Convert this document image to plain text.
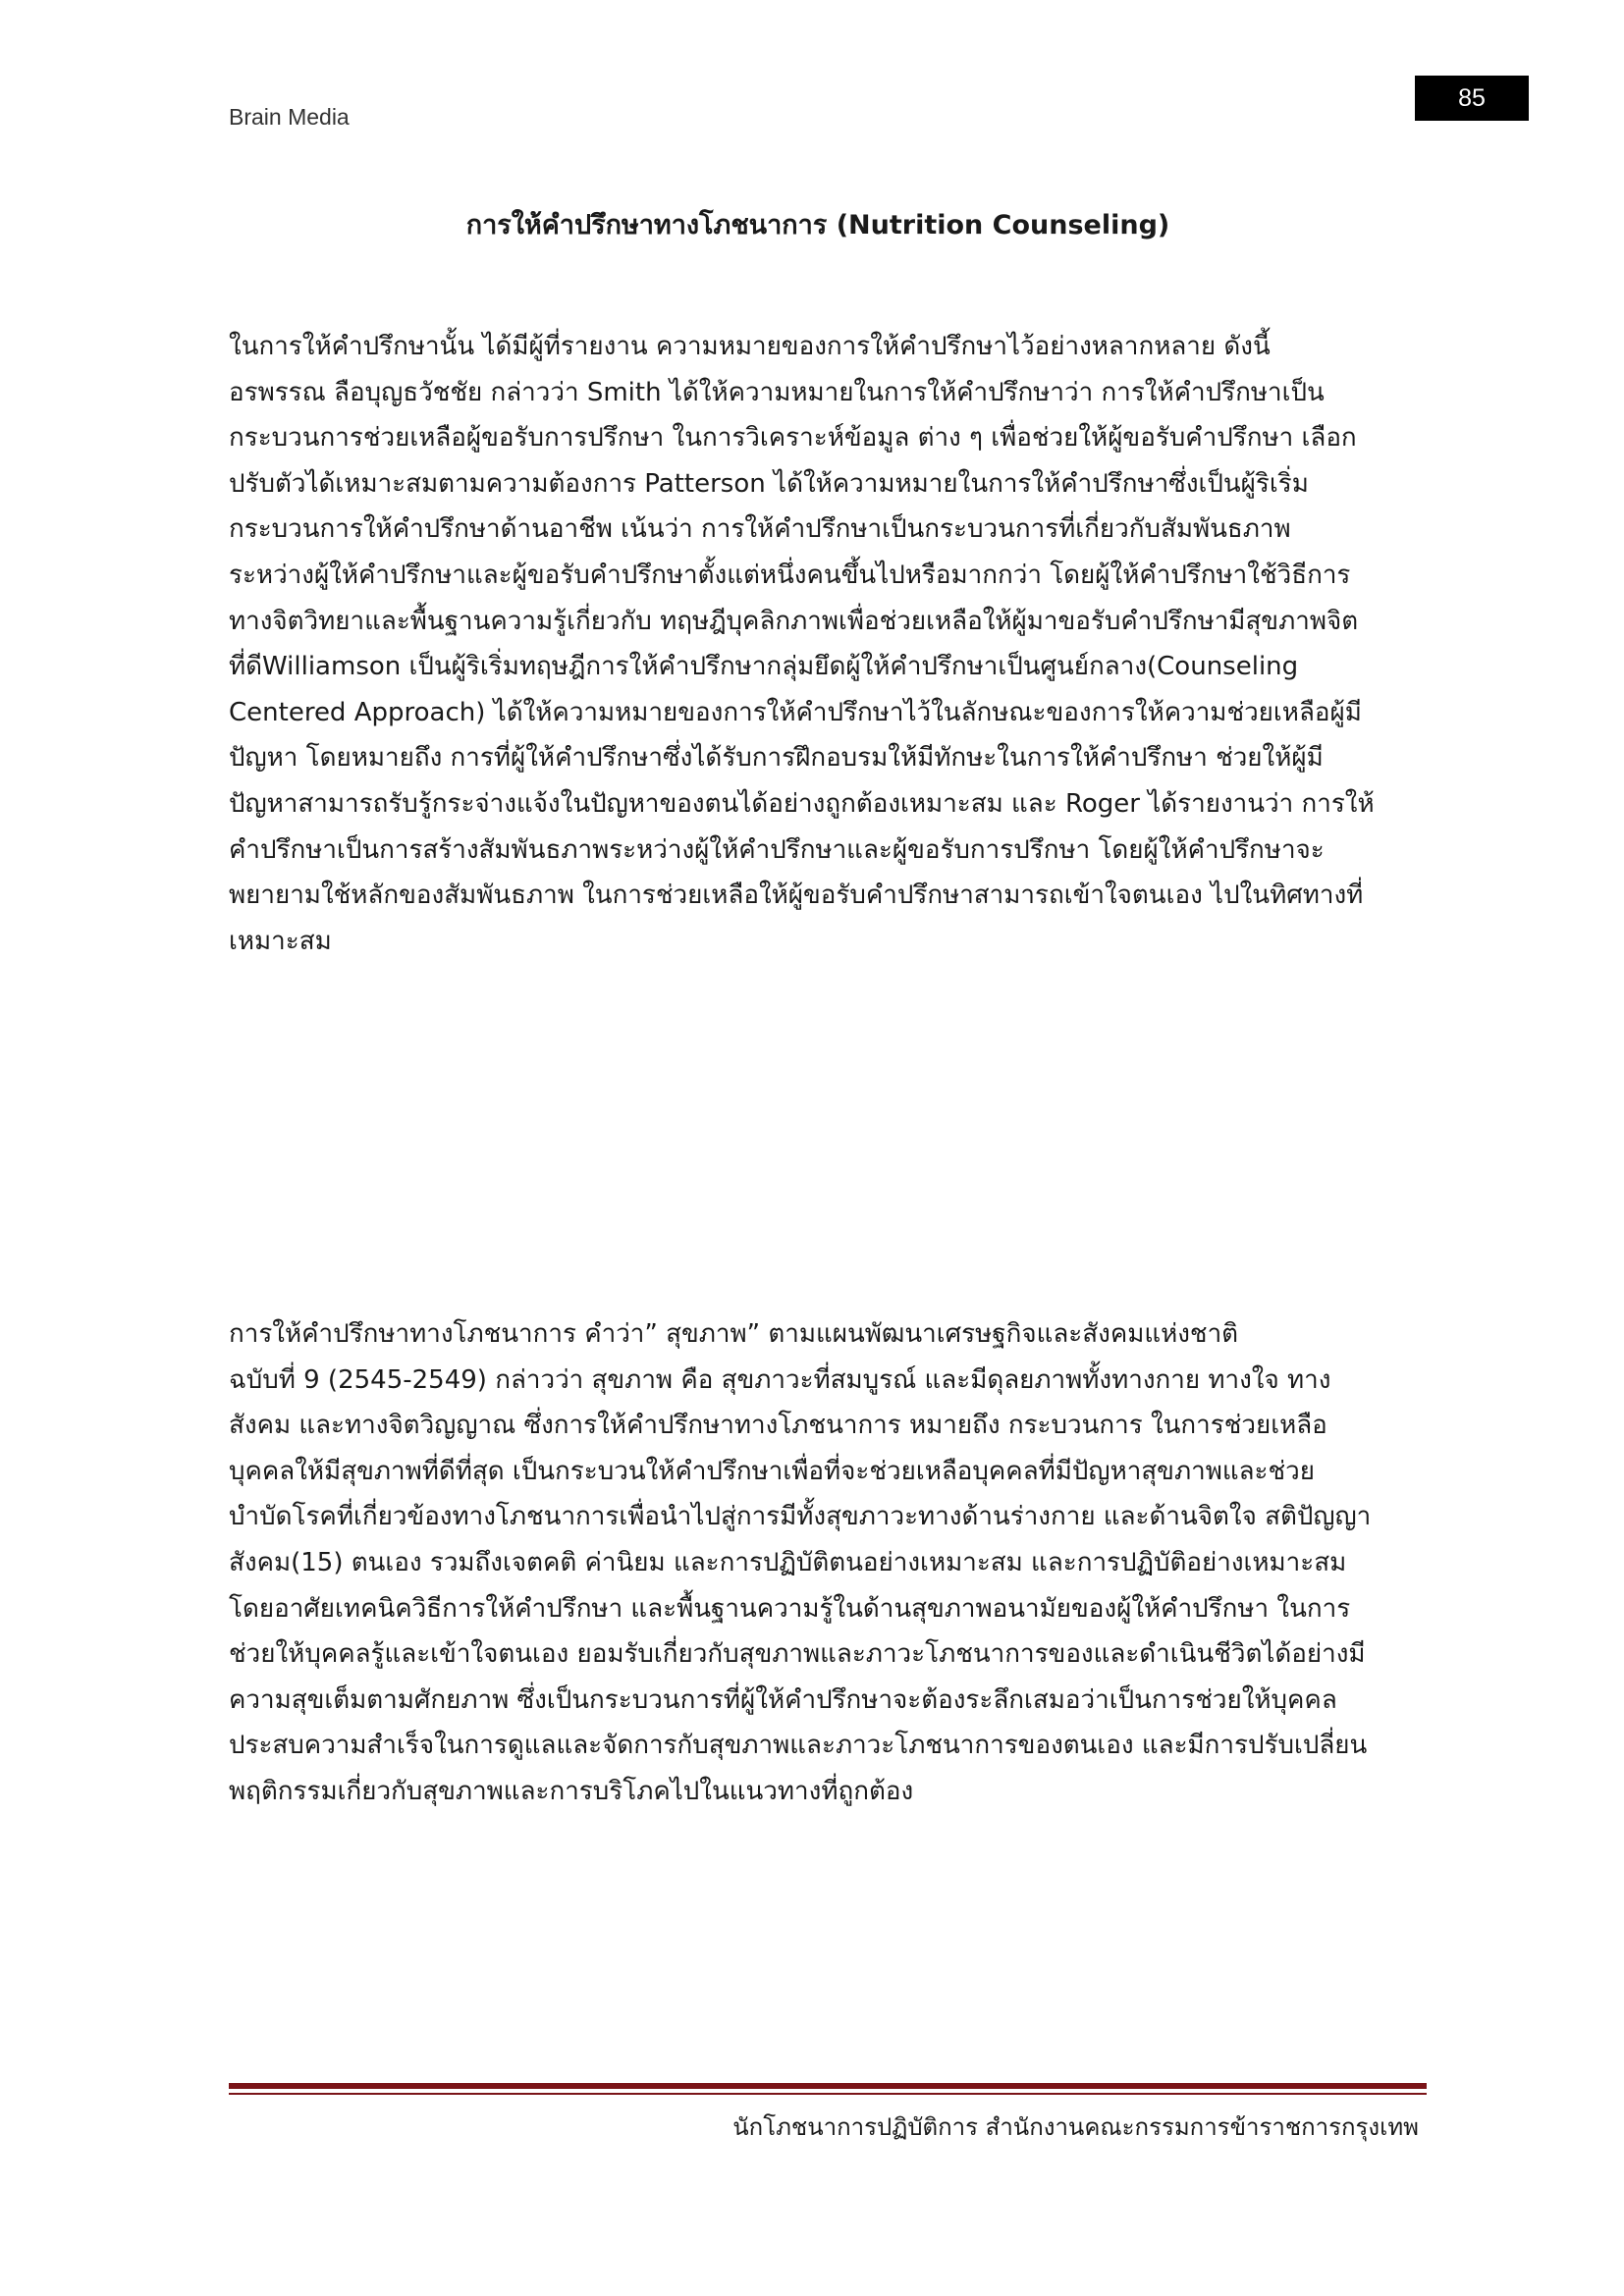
Brain Media
85
การให้คำปรึกษาทางโภชนาการ (Nutrition Counseling)

ในการให้คำปรึกษานั้น ได้มีผู้ที่รายงาน ความหมายของการให้คำปรึกษาไว้อย่างหลากหลาย ดังนี้
อรพรรณ ลือบุญธวัชชัย กล่าวว่า Smith ได้ให้ความหมายในการให้คำปรึกษาว่า การให้คำปรึกษาเป็น
กระบวนการช่วยเหลือผู้ขอรับการปรึกษา ในการวิเคราะห์ข้อมูล ต่าง ๆ เพื่อช่วยให้ผู้ขอรับคำปรึกษา เลือก
ปรับตัวได้เหมาะสมตามความต้องการ Patterson ได้ให้ความหมายในการให้คำปรึกษาซึ่งเป็นผู้ริเริ่ม
กระบวนการให้คำปรึกษาด้านอาชีพ เน้นว่า การให้คำปรึกษาเป็นกระบวนการที่เกี่ยวกับสัมพันธภาพ
ระหว่างผู้ให้คำปรึกษาและผู้ขอรับคำปรึกษาตั้งแต่หนึ่งคนขึ้นไปหรือมากกว่า โดยผู้ให้คำปรึกษาใช้วิธีการ
ทางจิตวิทยาและพื้นฐานความรู้เกี่ยวกับ ทฤษฎีบุคลิกภาพเพื่อช่วยเหลือให้ผู้มาขอรับคำปรึกษามีสุขภาพจิต
ที่ดีWilliamson เป็นผู้ริเริ่มทฤษฎีการให้คำปรึกษากลุ่มยึดผู้ให้คำปรึกษาเป็นศูนย์กลาง(Counseling
Centered Approach) ได้ให้ความหมายของการให้คำปรึกษาไว้ในลักษณะของการให้ความช่วยเหลือผู้มี
ปัญหา โดยหมายถึง การที่ผู้ให้คำปรึกษาซึ่งได้รับการฝึกอบรมให้มีทักษะในการให้คำปรึกษา ช่วยให้ผู้มี
ปัญหาสามารถรับรู้กระจ่างแจ้งในปัญหาของตนได้อย่างถูกต้องเหมาะสม และ Roger ได้รายงานว่า การให้
คำปรึกษาเป็นการสร้างสัมพันธภาพระหว่างผู้ให้คำปรึกษาและผู้ขอรับการปรึกษา โดยผู้ให้คำปรึกษาจะ
พยายามใช้หลักของสัมพันธภาพ ในการช่วยเหลือให้ผู้ขอรับคำปรึกษาสามารถเข้าใจตนเอง ไปในทิศทางที่
เหมาะสม

การให้คำปรึกษาทางโภชนาการ คำว่า” สุขภาพ” ตามแผนพัฒนาเศรษฐกิจและสังคมแห่งชาติ
ฉบับที่ 9 (2545-2549) กล่าวว่า สุขภาพ คือ สุขภาวะที่สมบูรณ์ และมีดุลยภาพทั้งทางกาย ทางใจ ทาง
สังคม และทางจิตวิญญาณ ซึ่งการให้คำปรึกษาทางโภชนาการ หมายถึง กระบวนการ ในการช่วยเหลือ
บุคคลให้มีสุขภาพที่ดีที่สุด เป็นกระบวนให้คำปรึกษาเพื่อที่จะช่วยเหลือบุคคลที่มีปัญหาสุขภาพและช่วย
บำบัดโรคที่เกี่ยวข้องทางโภชนาการเพื่อนำไปสู่การมีทั้งสุขภาวะทางด้านร่างกาย และด้านจิตใจ สติปัญญา
สังคม(15) ตนเอง รวมถึงเจตคติ ค่านิยม และการปฏิบัติตนอย่างเหมาะสม และการปฏิบัติอย่างเหมาะสม
โดยอาศัยเทคนิควิธีการให้คำปรึกษา และพื้นฐานความรู้ในด้านสุขภาพอนามัยของผู้ให้คำปรึกษา ในการ
ช่วยให้บุคคลรู้และเข้าใจตนเอง ยอมรับเกี่ยวกับสุขภาพและภาวะโภชนาการของและดำเนินชีวิตได้อย่างมี
ความสุขเต็มตามศักยภาพ ซึ่งเป็นกระบวนการที่ผู้ให้คำปรึกษาจะต้องระลึกเสมอว่าเป็นการช่วยให้บุคคล
ประสบความสำเร็จในการดูแลและจัดการกับสุขภาพและภาวะโภชนาการของตนเอง และมีการปรับเปลี่ยน
พฤติกรรมเกี่ยวกับสุขภาพและการบริโภคไปในแนวทางที่ถูกต้อง

นักโภชนาการปฏิบัติการ สำนักงานคณะกรรมการข้าราชการกรุงเทพ
